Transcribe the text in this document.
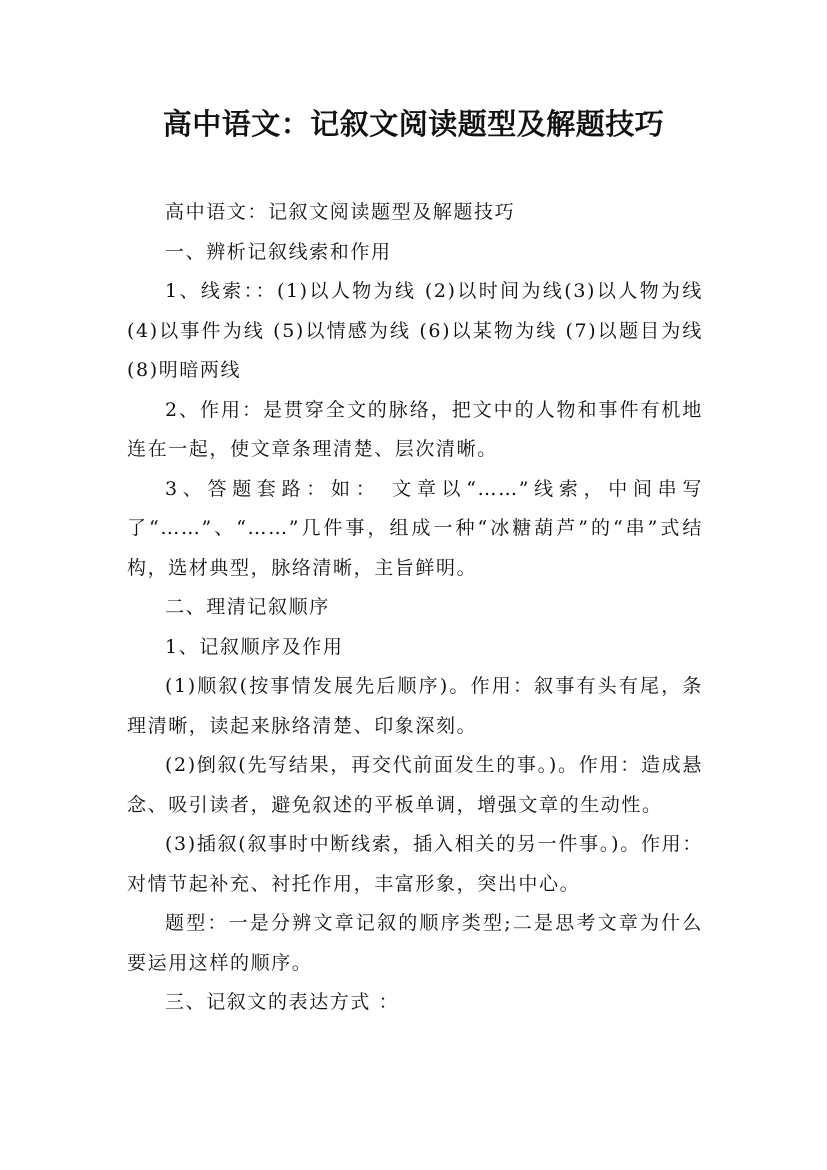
高中语文：记叙文阅读题型及解题技巧

高中语文：记叙文阅读题型及解题技巧

一、辨析记叙线索和作用

1、线索：：(1)以人物为线 (2)以时间为线(3)以人物为线 (4)以事件为线 (5)以情感为线 (6)以某物为线 (7)以题目为线(8)明暗两线

2、作用：是贯穿全文的脉络，把文中的人物和事件有机地连在一起，使文章条理清楚、层次清晰。

3、答题套路：如： 文章以“……”线索，中间串写了“……”、“……”几件事，组成一种“冰糖葫芦”的“串”式结构，选材典型，脉络清晰，主旨鲜明。

二、理清记叙顺序

1、记叙顺序及作用

(1)顺叙(按事情发展先后顺序)。作用：叙事有头有尾，条理清晰，读起来脉络清楚、印象深刻。

(2)倒叙(先写结果，再交代前面发生的事。)。作用：造成悬念、吸引读者，避免叙述的平板单调，增强文章的生动性。

(3)插叙(叙事时中断线索，插入相关的另一件事。)。作用：对情节起补充、衬托作用，丰富形象，突出中心。

题型：一是分辨文章记叙的顺序类型;二是思考文章为什么要运用这样的顺序。

三、记叙文的表达方式 ：
